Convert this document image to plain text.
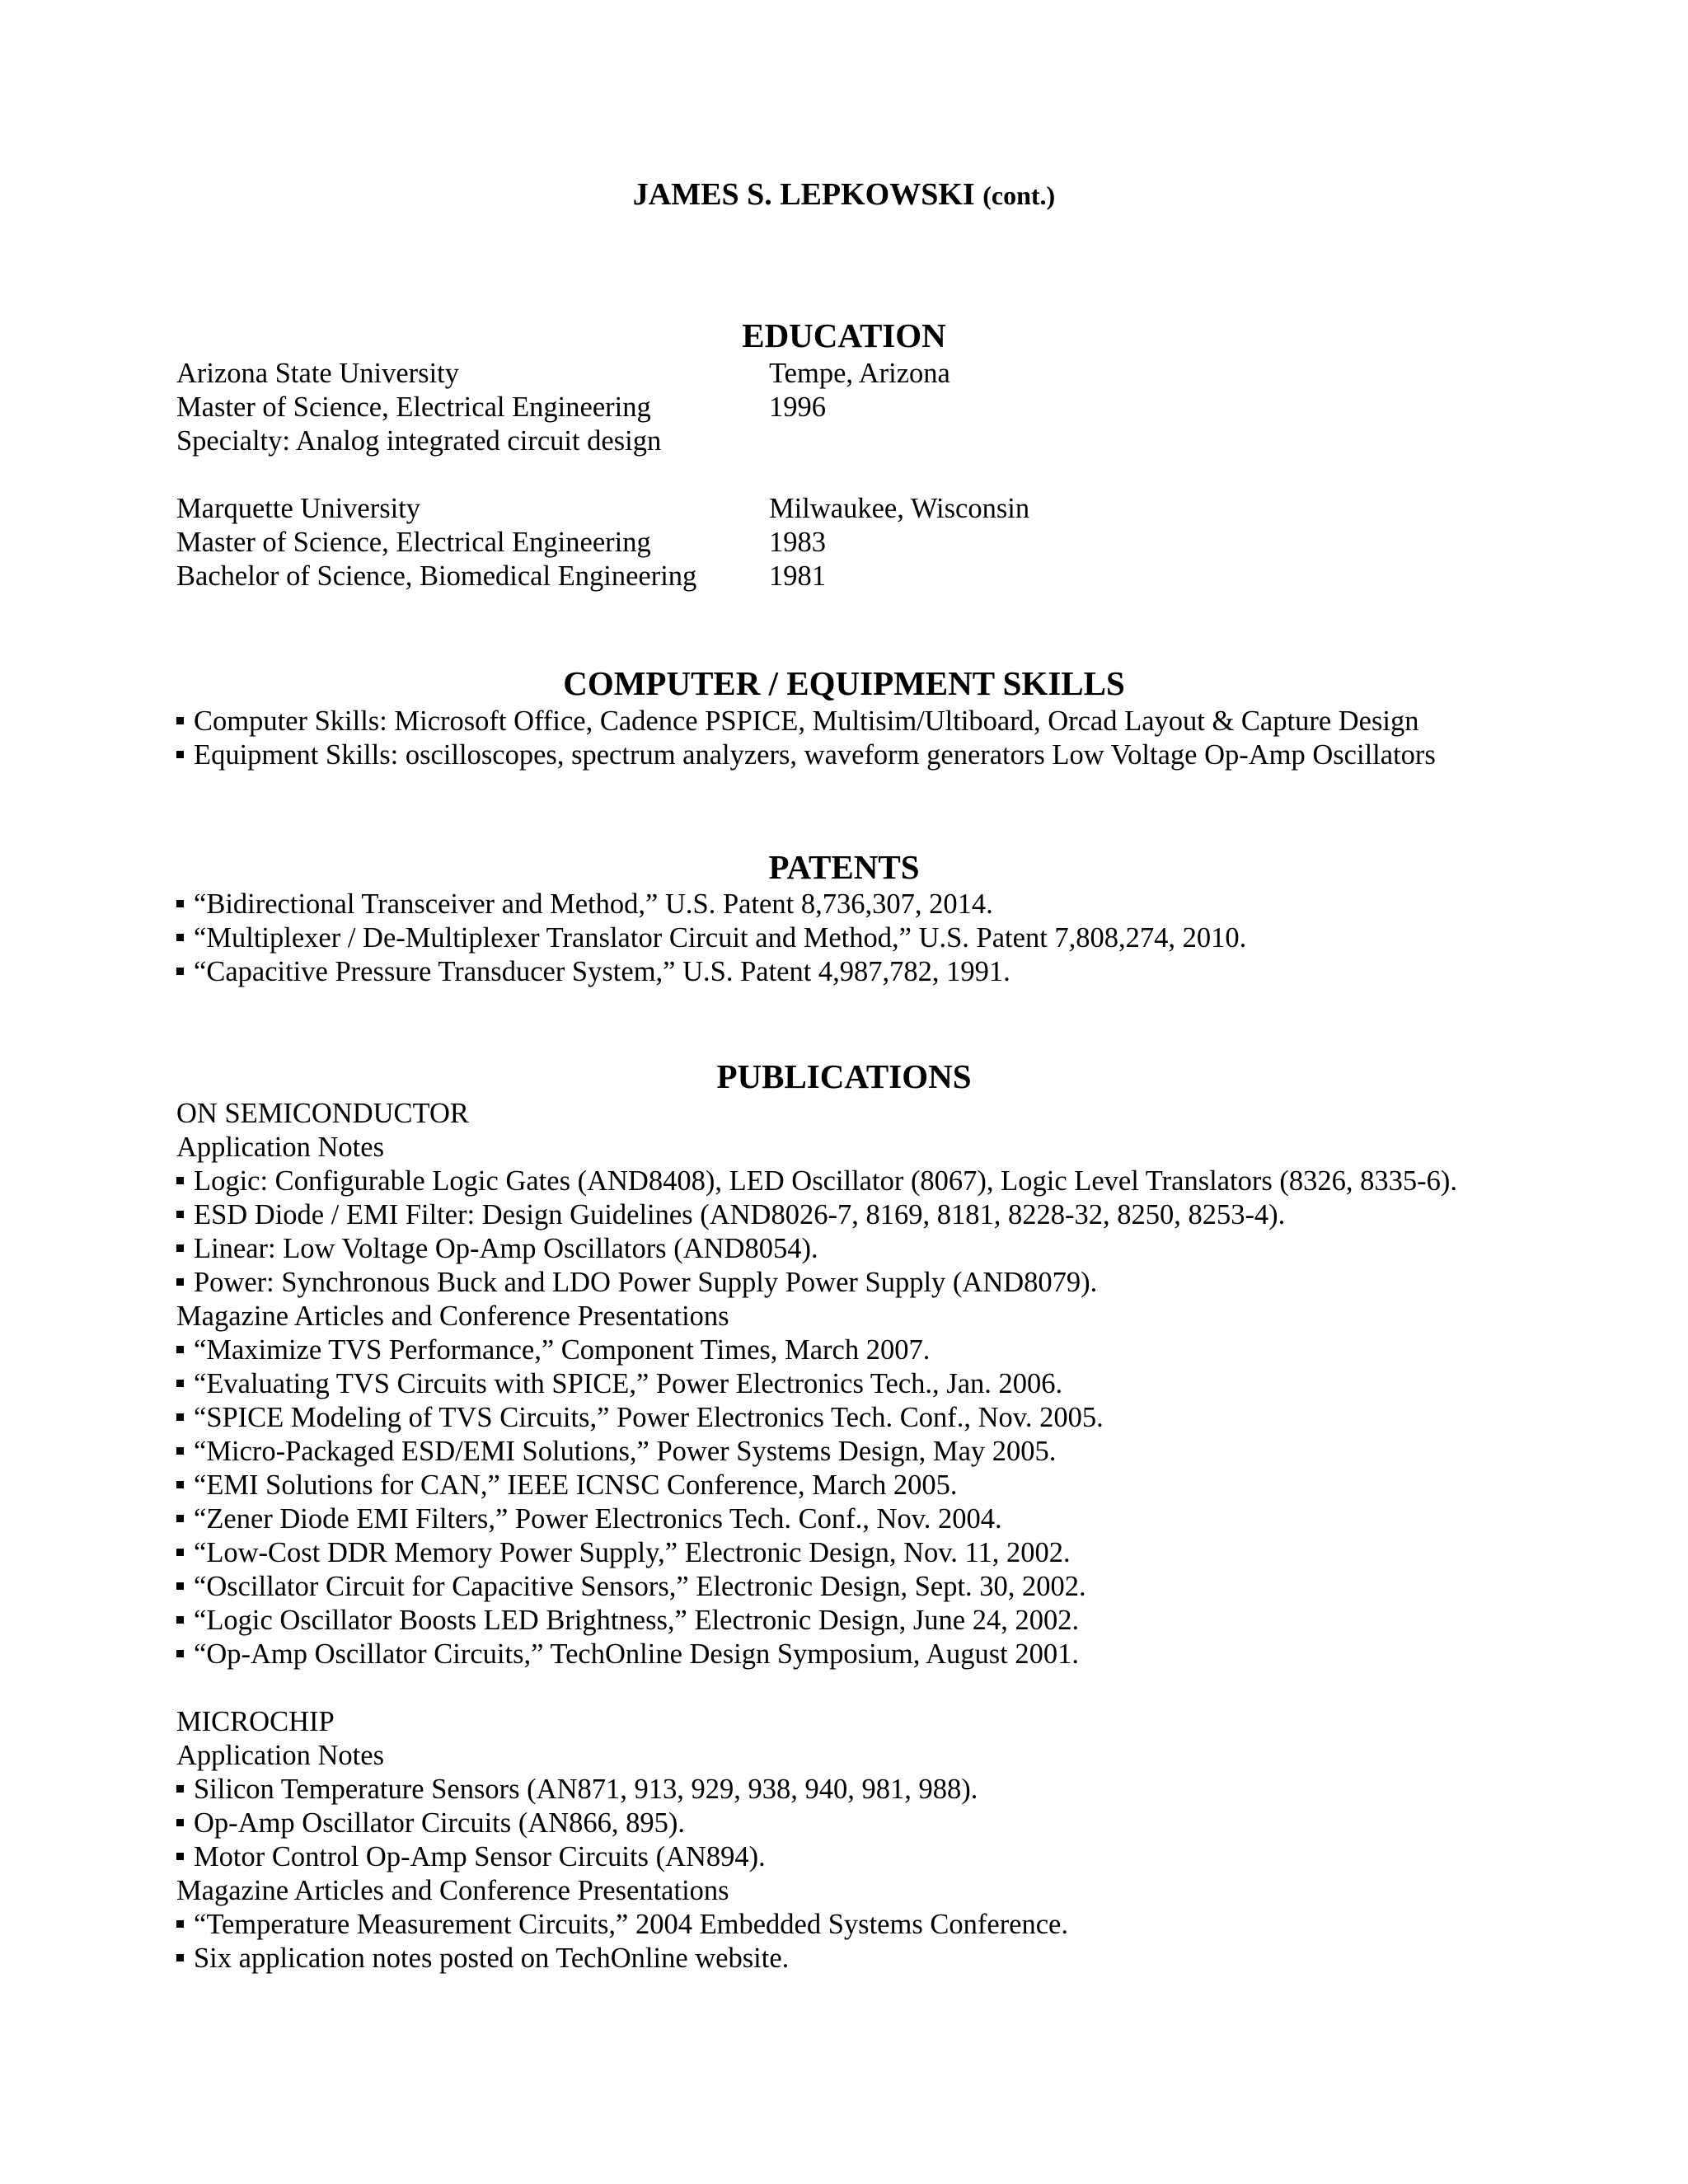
JAMES S. LEPKOWSKI (cont.)
EDUCATION
Arizona State University	Tempe, Arizona
Master of Science, Electrical Engineering	1996
Specialty: Analog integrated circuit design
Marquette University	Milwaukee, Wisconsin
Master of Science, Electrical Engineering	1983
Bachelor of Science, Biomedical Engineering	1981
COMPUTER / EQUIPMENT SKILLS
Computer Skills: Microsoft Office, Cadence PSPICE, Multisim/Ultiboard, Orcad Layout & Capture Design
Equipment Skills: oscilloscopes, spectrum analyzers, waveform generators Low Voltage Op-Amp Oscillators
PATENTS
“Bidirectional Transceiver and Method,” U.S. Patent 8,736,307, 2014.
“Multiplexer / De-Multiplexer Translator Circuit and Method,” U.S. Patent 7,808,274, 2010.
“Capacitive Pressure Transducer System,” U.S. Patent 4,987,782, 1991.
PUBLICATIONS
ON SEMICONDUCTOR
Application Notes
Logic: Configurable Logic Gates (AND8408), LED Oscillator (8067), Logic Level Translators (8326, 8335-6).
ESD Diode / EMI Filter: Design Guidelines (AND8026-7, 8169, 8181, 8228-32, 8250, 8253-4).
Linear: Low Voltage Op-Amp Oscillators (AND8054).
Power: Synchronous Buck and LDO Power Supply Power Supply (AND8079).
Magazine Articles and Conference Presentations
“Maximize TVS Performance,” Component Times, March 2007.
“Evaluating TVS Circuits with SPICE,” Power Electronics Tech., Jan. 2006.
“SPICE Modeling of TVS Circuits,” Power Electronics Tech. Conf., Nov. 2005.
“Micro-Packaged ESD/EMI Solutions,” Power Systems Design, May 2005.
“EMI Solutions for CAN,” IEEE ICNSC Conference, March 2005.
“Zener Diode EMI Filters,” Power Electronics Tech. Conf., Nov. 2004.
“Low-Cost DDR Memory Power Supply,” Electronic Design, Nov. 11, 2002.
“Oscillator Circuit for Capacitive Sensors,” Electronic Design, Sept. 30, 2002.
“Logic Oscillator Boosts LED Brightness,” Electronic Design, June 24, 2002.
“Op-Amp Oscillator Circuits,” TechOnline Design Symposium, August 2001.
MICROCHIP
Application Notes
Silicon Temperature Sensors (AN871, 913, 929, 938, 940, 981, 988).
Op-Amp Oscillator Circuits (AN866, 895).
Motor Control Op-Amp Sensor Circuits (AN894).
Magazine Articles and Conference Presentations
“Temperature Measurement Circuits,” 2004 Embedded Systems Conference.
Six application notes posted on TechOnline website.
